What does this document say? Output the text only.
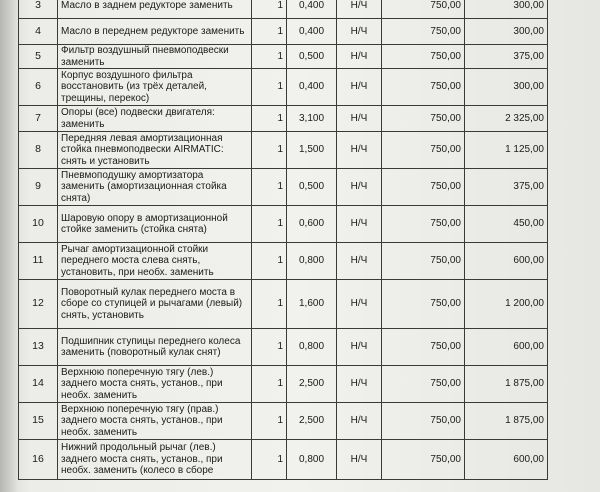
3	Масло в заднем редукторе заменить	1	0,400	Н/Ч	750,00	300,00
4	Масло в переднем редукторе заменить	1	0,400	Н/Ч	750,00	300,00
5	Фильтр воздушный пневмоподвески заменить	1	0,500	Н/Ч	750,00	375,00
6	Корпус воздушного фильтра восстановить (из трёх деталей, трещины, перекос)	1	0,400	Н/Ч	750,00	300,00
7	Опоры (все) подвески двигателя: заменить	1	3,100	Н/Ч	750,00	2 325,00
8	Передняя левая амортизационная стойка пневмоподвески AIRMATIC: снять и установить	1	1,500	Н/Ч	750,00	1 125,00
9	Пневмоподушку амортизатора заменить (амортизационная стойка снята)	1	0,500	Н/Ч	750,00	375,00
10	Шаровую опору в амортизационной стойке заменить (стойка снята)	1	0,600	Н/Ч	750,00	450,00
11	Рычаг амортизационной стойки переднего моста слева снять, установить, при необх. заменить	1	0,800	Н/Ч	750,00	600,00
12	Поворотный кулак переднего моста в сборе со ступицей и рычагами (левый) снять, установить	1	1,600	Н/Ч	750,00	1 200,00
13	Подшипник ступицы переднего колеса заменить (поворотный кулак снят)	1	0,800	Н/Ч	750,00	600,00
14	Верхнюю поперечную тягу (лев.) заднего моста снять, установ., при необх. заменить	1	2,500	Н/Ч	750,00	1 875,00
15	Верхнюю поперечную тягу (прав.) заднего моста снять, установ., при необх. заменить	1	2,500	Н/Ч	750,00	1 875,00
16	Нижний продольный рычаг (лев.) заднего моста снять, установ., при необх. заменить (колесо в сборе	1	0,800	Н/Ч	750,00	600,00
